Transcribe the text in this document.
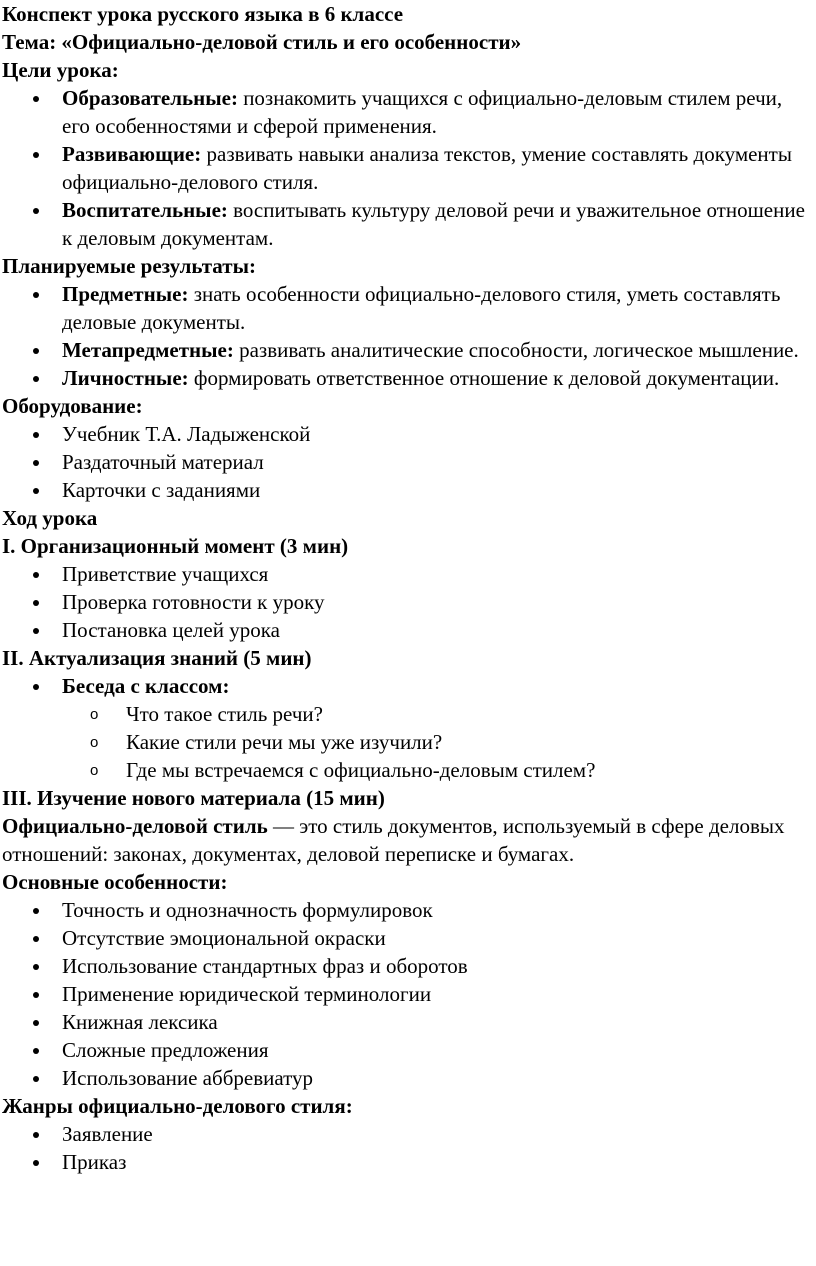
Конспект урока русского языка в 6 классе

Тема: «Официально-деловой стиль и его особенности»

Цели урока:

Образовательные: познакомить учащихся с официально-деловым стилем речи, его особенностями и сферой применения.
Развивающие: развивать навыки анализа текстов, умение составлять документы официально-делового стиля.
Воспитательные: воспитывать культуру деловой речи и уважительное отношение к деловым документам.

Планируемые результаты:

Предметные: знать особенности официально-делового стиля, уметь составлять деловые документы.
Метапредметные: развивать аналитические способности, логическое мышление.
Личностные: формировать ответственное отношение к деловой документации.

Оборудование:

Учебник Т.А. Ладыженской
Раздаточный материал
Карточки с заданиями

Ход урока

I. Организационный момент (3 мин)

Приветствие учащихся
Проверка готовности к уроку
Постановка целей урока

II. Актуализация знаний (5 мин)

Беседа с классом:
o Что такое стиль речи?
o Какие стили речи мы уже изучили?
o Где мы встречаемся с официально-деловым стилем?

III. Изучение нового материала (15 мин)

Официально-деловой стиль — это стиль документов, используемый в сфере деловых отношений: законах, документах, деловой переписке и бумагах.

Основные особенности:

Точность и однозначность формулировок
Отсутствие эмоциональной окраски
Использование стандартных фраз и оборотов
Применение юридической терминологии
Книжная лексика
Сложные предложения
Использование аббревиатур

Жанры официально-делового стиля:

Заявление
Приказ
